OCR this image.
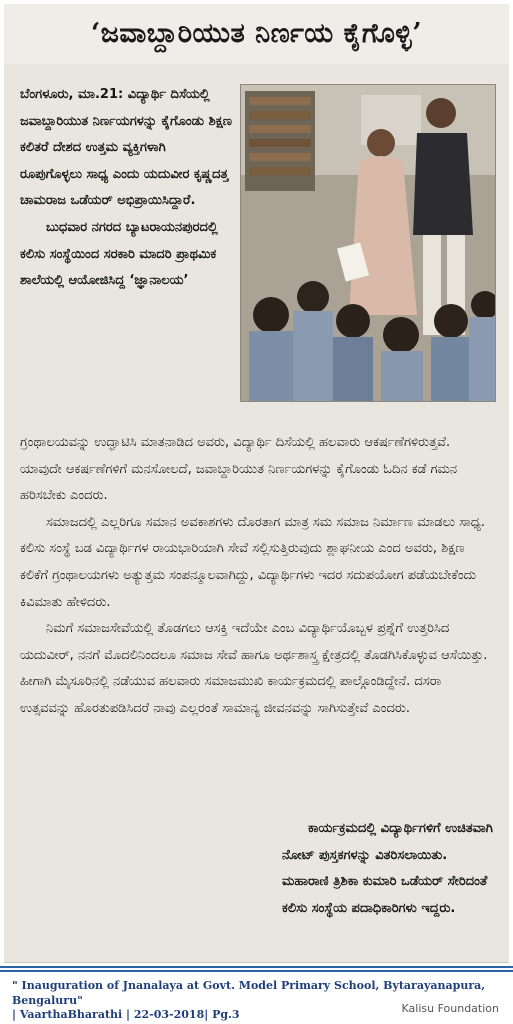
‘ಜವಾಬ್ದಾರಿಯುತ ನಿರ್ಣಯ ಕೈಗೊಳ್ಳಿ’
ಬೆಂಗಳೂರು, ಮಾ.21: ವಿದ್ಯಾರ್ಥಿ ದಿಸೆಯಲ್ಲಿ ಜವಾಬ್ದಾರಿಯುತ ನಿರ್ಣಯಗಳನ್ನು ಕೈಗೊಂಡು ಶಿಕ್ಷಣ ಕಲಿತರೆ ದೇಶದ ಉತ್ತಮ ವ್ಯಕ್ತಿಗಳಾಗಿ ರೂಪುಗೊಳ್ಳಲು ಸಾಧ್ಯ ಎಂದು ಯದುವೀರ ಕೃಷ್ಣದತ್ತ ಚಾಮರಾಜ ಒಡೆಯರ್ ಅಭಿಪ್ರಾಯಿಸಿದ್ದಾರೆ.
ಬುಧವಾರ ನಗರದ ಬ್ಯಾಟರಾಯನಪುರದಲ್ಲಿ ಕಲಿಸು ಸಂಸ್ಥೆಯಿಂದ ಸರಕಾರಿ ಮಾದರಿ ಪ್ರಾಥಮಿಕ ಶಾಲೆಯಲ್ಲಿ ಆಯೋಜಿಸಿದ್ದ ‘ಜ್ಞಾನಾಲಯ’
ಗ್ರಂಥಾಲಯವನ್ನು ಉದ್ಘಾಟಿಸಿ ಮಾತನಾಡಿದ ಅವರು, ವಿದ್ಯಾರ್ಥಿ ದಿಸೆಯಲ್ಲಿ ಹಲವಾರು ಆಕರ್ಷಣೆಗಳಿರುತ್ತವೆ. ಯಾವುದೇ ಆಕರ್ಷಣೆಗಳಿಗೆ ಮನಸೋಲದೆ, ಜವಾಬ್ದಾರಿಯುತ ನಿರ್ಣಯಗಳನ್ನು ಕೈಗೊಂಡು ಓದಿನ ಕಡೆ ಗಮನ ಹರಿಸಬೇಕು ಎಂದರು.
ಸಮಾಜದಲ್ಲಿ ಎಲ್ಲರಿಗೂ ಸಮಾನ ಅವಕಾಶಗಳು ದೊರತಾಗ ಮಾತ್ರ ಸಮ ಸಮಾಜ ನಿರ್ಮಾಣ ಮಾಡಲು ಸಾಧ್ಯ. ಕಲಿಸು ಸಂಸ್ಥೆ ಬಡ ವಿದ್ಯಾರ್ಥಿಗಳ ರಾಯಭಾರಿಯಾಗಿ ಸೇವೆ ಸಲ್ಲಿಸುತ್ತಿರುವುದು ಶ್ಲಾಘನೀಯ ಎಂದ ಅವರು, ಶಿಕ್ಷಣ ಕಲಿಕೆಗೆ ಗ್ರಂಥಾಲಯಗಳು ಅತ್ಯುತ್ತಮ ಸಂಪನ್ಮೂಲವಾಗಿದ್ದು, ವಿದ್ಯಾರ್ಥಿಗಳು ಇದರ ಸದುಪಯೋಗ ಪಡೆಯಬೇಕೆಂದು ಕಿವಿಮಾತು ಹೇಳಿದರು.
ನಿಮಗೆ ಸಮಾಜಸೇವೆಯಲ್ಲಿ ತೊಡಗಲು ಆಸಕ್ತಿ ಇದೆಯೇ ಎಂಬ ವಿದ್ಯಾರ್ಥಿಯೊಬ್ಬಳ ಪ್ರಶ್ನೆಗೆ ಉತ್ತರಿಸಿದ ಯದುವೀರ್, ನನಗೆ ಮೊದಲಿನಿಂದಲೂ ಸಮಾಜ ಸೇವೆ ಹಾಗೂ ಅರ್ಥಶಾಸ್ತ್ರ ಕ್ಷೇತ್ರದಲ್ಲಿ ತೊಡಗಿಸಿಕೊಳ್ಳುವ ಆಸೆಯಿತ್ತು. ಹೀಗಾಗಿ ಮೈಸೂರಿನಲ್ಲಿ ನಡೆಯುವ ಹಲವಾರು ಸಮಾಜಮುಖಿ ಕಾರ್ಯಕ್ರಮದಲ್ಲಿ ಪಾಲ್ಗೊಂಡಿದ್ದೇನೆ. ದಸರಾ ಉತ್ಸವವನ್ನು ಹೊರತುಪಡಿಸಿದರೆ ನಾವು ಎಲ್ಲರಂತೆ ಸಾಮಾನ್ಯ ಜೀವನವನ್ನು ಸಾಗಿಸುತ್ತೇವೆ ಎಂದರು.
ಕಾರ್ಯಕ್ರಮದಲ್ಲಿ ವಿದ್ಯಾರ್ಥಿಗಳಿಗೆ ಉಚಿತವಾಗಿ ನೋಟ್ ಪುಸ್ತಕಗಳನ್ನು ವಿತರಿಸಲಾಯಿತು. ಮಹಾರಾಣಿ ತ್ರಿಶಿಕಾ ಕುಮಾರಿ ಒಡೆಯರ್ ಸೇರಿದಂತೆ ಕಲಿಸು ಸಂಸ್ಥೆಯ ಪದಾಧಿಕಾರಿಗಳು ಇದ್ದರು.
" Inauguration of Jnanalaya at Govt. Model Primary School, Bytarayanapura, Bengaluru"
| VaarthaBharathi | 22-03-2018| Pg.3	Kalisu Foundation
